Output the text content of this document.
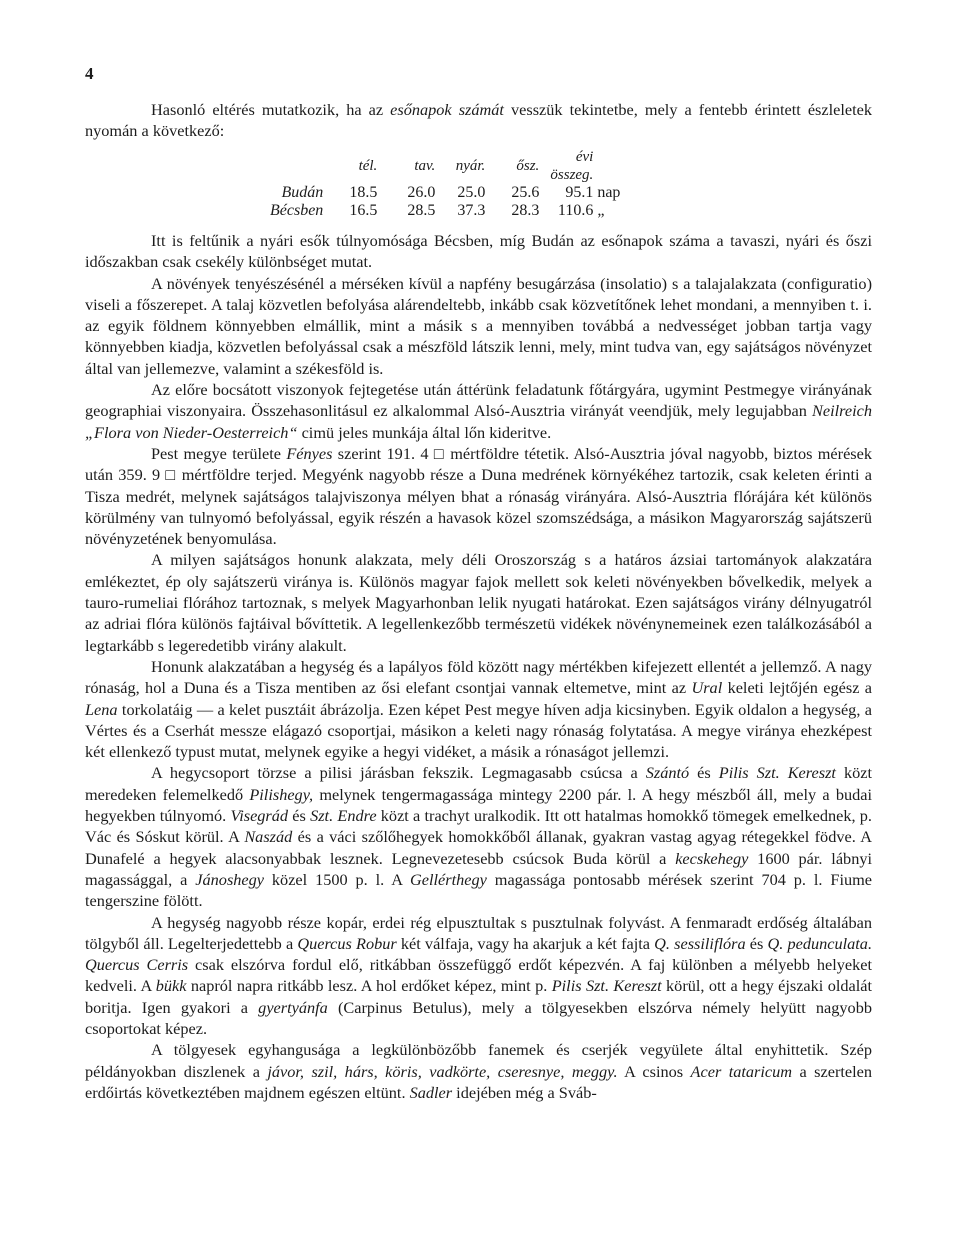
4

Hasonló eltérés mutatkozik, ha az esőnapok számát vesszük tekintetbe, mely a fentebb érintett észleletek nyomán a következő:

	tél.	tav.	nyár.	ősz.	évi összeg.	
Budán	18.5	26.0	25.0	25.6	95.1	nap
Bécsben	16.5	28.5	37.3	28.3	110.6	„

Itt is feltűnik a nyári esők túlnyomósága Bécsben, míg Budán az esőnapok száma a tavaszi, nyári és őszi időszakban csak csekély különbséget mutat.

A növények tenyészésénél a mérséken kívül a napfény besugárzása (insolatio) s a talajalakzata (configuratio) viseli a főszerepet. A talaj közvetlen befolyása alárendeltebb, inkább csak közvetítőnek lehet mondani, a mennyiben t. i. az egyik földnem könnyebben elmállik, mint a másik s a mennyiben továbbá a nedvességet jobban tartja vagy könnyebben kiadja, közvetlen befolyással csak a mészföld látszik lenni, mely, mint tudva van, egy sajátságos növényzet által van jellemezve, valamint a székesföld is.

Az előre bocsátott viszonyok fejtegetése után áttérünk feladatunk főtárgyára, ugymint Pestmegye virányának geographiai viszonyaira. Összehasonlitásul ez alkalommal Alsó-Ausztria virányát veendjük, mely legujabban Neilreich „Flora von Nieder-Oesterreich“ cimü jeles munkája által lőn kideritve.

Pest megye területe Fényes szerint 191. 4 □ mértföldre tétetik. Alsó-Ausztria jóval nagyobb, biztos mérések után 359. 9 □ mértföldre terjed. Megyénk nagyobb része a Duna medrének környékéhez tartozik, csak keleten érinti a Tisza medrét, melynek sajátságos talajviszonya mélyen bhat a rónaság virányára. Alsó-Ausztria flórájára két különös körülmény van tulnyomó befolyással, egyik részén a havasok közel szomszédsága, a másikon Magyarország sajátszerü növényzetének benyomulása.

A milyen sajátságos honunk alakzata, mely déli Oroszország s a határos ázsiai tartományok alakzatára emlékeztet, ép oly sajátszerü viránya is. Különös magyar fajok mellett sok keleti növényekben bővelkedik, melyek a tauro-rumeliai flórához tartoznak, s melyek Magyarhonban lelik nyugati határokat. Ezen sajátságos virány délnyugatról az adriai flóra különös fajtáival bővíttetik. A legellenkezőbb természetü vidékek növénynemeinek ezen találkozásából a legtarkább s legeredetibb virány alakult.

Honunk alakzatában a hegység és a lapályos föld között nagy mértékben kifejezett ellentét a jellemző. A nagy rónaság, hol a Duna és a Tisza mentiben az ősi elefant csontjai vannak eltemetve, mint az Ural keleti lejtőjén egész a Lena torkolatáig — a kelet pusztáit ábrázolja. Ezen képet Pest megye híven adja kicsinyben. Egyik oldalon a hegység, a Vértes és a Cserhát messze elágazó csoportjai, másikon a keleti nagy rónaság folytatása. A megye viránya ehezképest két ellenkező typust mutat, melynek egyike a hegyi vidéket, a másik a rónaságot jellemzi.

A hegycsoport törzse a pilisi járásban fekszik. Legmagasabb csúcsa a Szántó és Pilis Szt. Kereszt közt meredeken felemelkedő Pilishegy, melynek tengermagassága mintegy 2200 pár. l. A hegy mészből áll, mely a budai hegyekben túlnyomó. Visegrád és Szt. Endre közt a trachyt uralkodik. Itt ott hatalmas homokkő tömegek emelkednek, p. Vác és Sóskut körül. A Naszád és a váci szőlőhegyek homokkőből állanak, gyakran vastag agyag rétegekkel födve. A Dunafelé a hegyek alacsonyabbak lesznek. Legnevezetesebb csúcsok Buda körül a kecskehegy 1600 pár. lábnyi magassággal, a Jánoshegy közel 1500 p. l. A Gellérthegy magassága pontosabb mérések szerint 704 p. l. Fiume tengerszine fölött.

A hegység nagyobb része kopár, erdei rég elpusztultak s pusztulnak folyvást. A fenmaradt erdőség általában tölgyből áll. Legelterjedettebb a Quercus Robur két válfaja, vagy ha akarjuk a két fajta Q. sessiliflóra és Q. pedunculata. Quercus Cerris csak elszórva fordul elő, ritkábban összefüggő erdőt képezvén. A faj különben a mélyebb helyeket kedveli. A bükk napról napra ritkább lesz. A hol erdőket képez, mint p. Pilis Szt. Kereszt körül, ott a hegy éjszaki oldalát boritja. Igen gyakori a gyertyánfa (Carpinus Betulus), mely a tölgyesekben elszórva némely helyütt nagyobb csoportokat képez.

A tölgyesek egyhangusága a legkülönbözőbb fanemek és cserjék vegyülete által enyhittetik. Szép példányokban diszlenek a jávor, szil, hárs, köris, vadkörte, cseresnye, meggy. A csinos Acer tataricum a szertelen erdőirtás következtében majdnem egészen eltünt. Sadler idejében még a Sváb-
